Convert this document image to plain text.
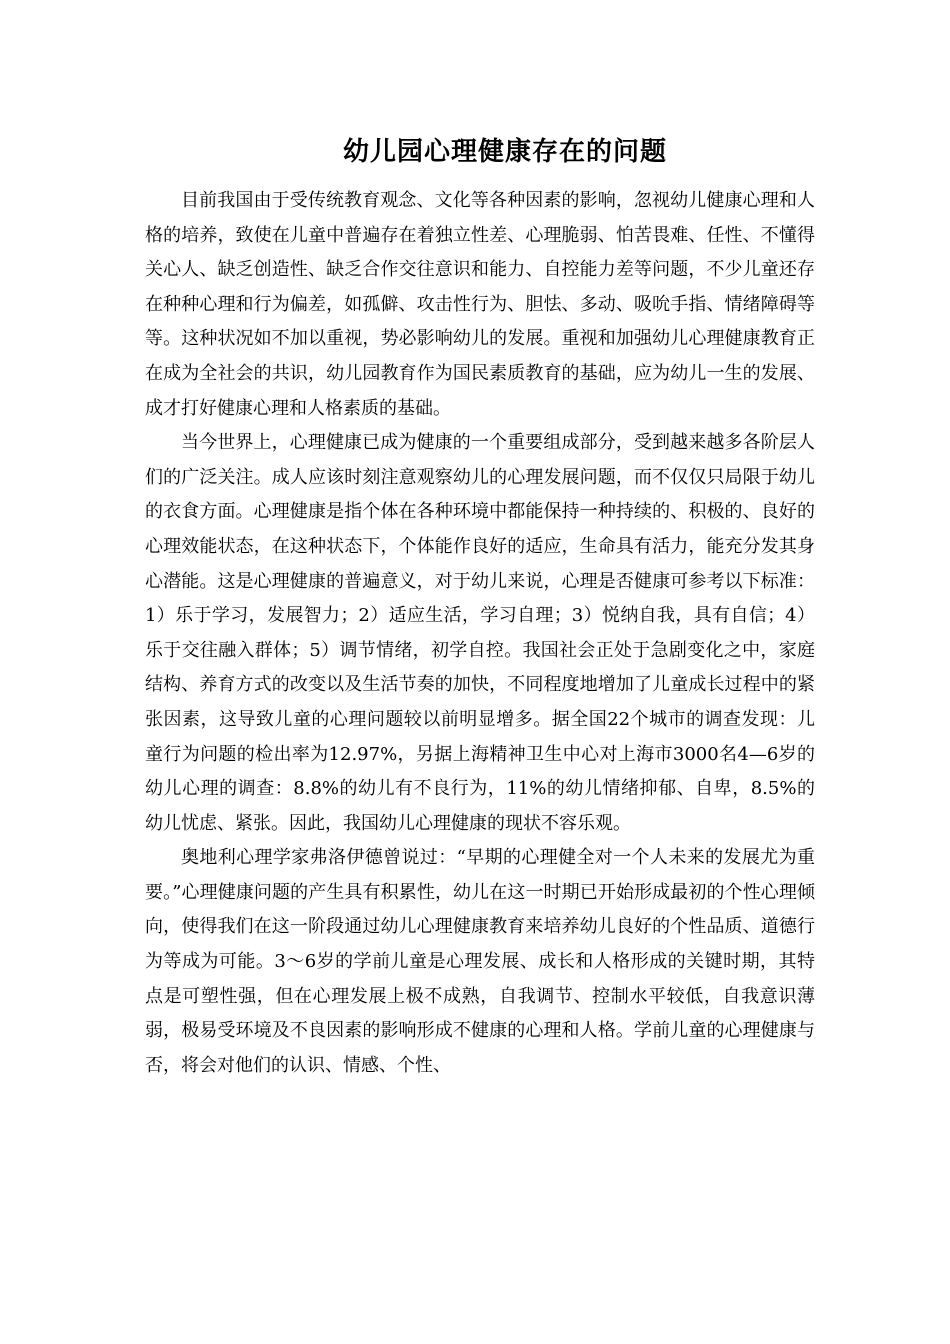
幼儿园心理健康存在的问题

目前我国由于受传统教育观念、文化等各种因素的影响，忽视幼儿健康心理和人格的培养，致使在儿童中普遍存在着独立性差、心理脆弱、怕苦畏难、任性、不懂得关心人、缺乏创造性、缺乏合作交往意识和能力、自控能力差等问题，不少儿童还存在种种心理和行为偏差，如孤僻、攻击性行为、胆怯、多动、吸吮手指、情绪障碍等等。这种状况如不加以重视，势必影响幼儿的发展。重视和加强幼儿心理健康教育正在成为全社会的共识，幼儿园教育作为国民素质教育的基础，应为幼儿一生的发展、成才打好健康心理和人格素质的基础。

当今世界上，心理健康已成为健康的一个重要组成部分，受到越来越多各阶层人们的广泛关注。成人应该时刻注意观察幼儿的心理发展问题，而不仅仅只局限于幼儿的衣食方面。心理健康是指个体在各种环境中都能保持一种持续的、积极的、良好的心理效能状态，在这种状态下，个体能作良好的适应，生命具有活力，能充分发其身心潜能。这是心理健康的普遍意义，对于幼儿来说，心理是否健康可参考以下标准：1）乐于学习，发展智力；2）适应生活，学习自理；3）悦纳自我，具有自信；4）乐于交往融入群体；5）调节情绪，初学自控。我国社会正处于急剧变化之中，家庭结构、养育方式的改变以及生活节奏的加快，不同程度地增加了儿童成长过程中的紧张因素，这导致儿童的心理问题较以前明显增多。据全国22个城市的调查发现：儿童行为问题的检出率为12.97%，另据上海精神卫生中心对上海市3000名4—6岁的幼儿心理的调查：8.8%的幼儿有不良行为，11%的幼儿情绪抑郁、自卑，8.5%的幼儿忧虑、紧张。因此，我国幼儿心理健康的现状不容乐观。

奥地利心理学家弗洛伊德曾说过：“早期的心理健全对一个人未来的发展尤为重要。”心理健康问题的产生具有积累性，幼儿在这一时期已开始形成最初的个性心理倾向，使得我们在这一阶段通过幼儿心理健康教育来培养幼儿良好的个性品质、道德行为等成为可能。3～6岁的学前儿童是心理发展、成长和人格形成的关键时期，其特点是可塑性强，但在心理发展上极不成熟，自我调节、控制水平较低，自我意识薄弱，极易受环境及不良因素的影响形成不健康的心理和人格。学前儿童的心理健康与否，将会对他们的认识、情感、个性、
